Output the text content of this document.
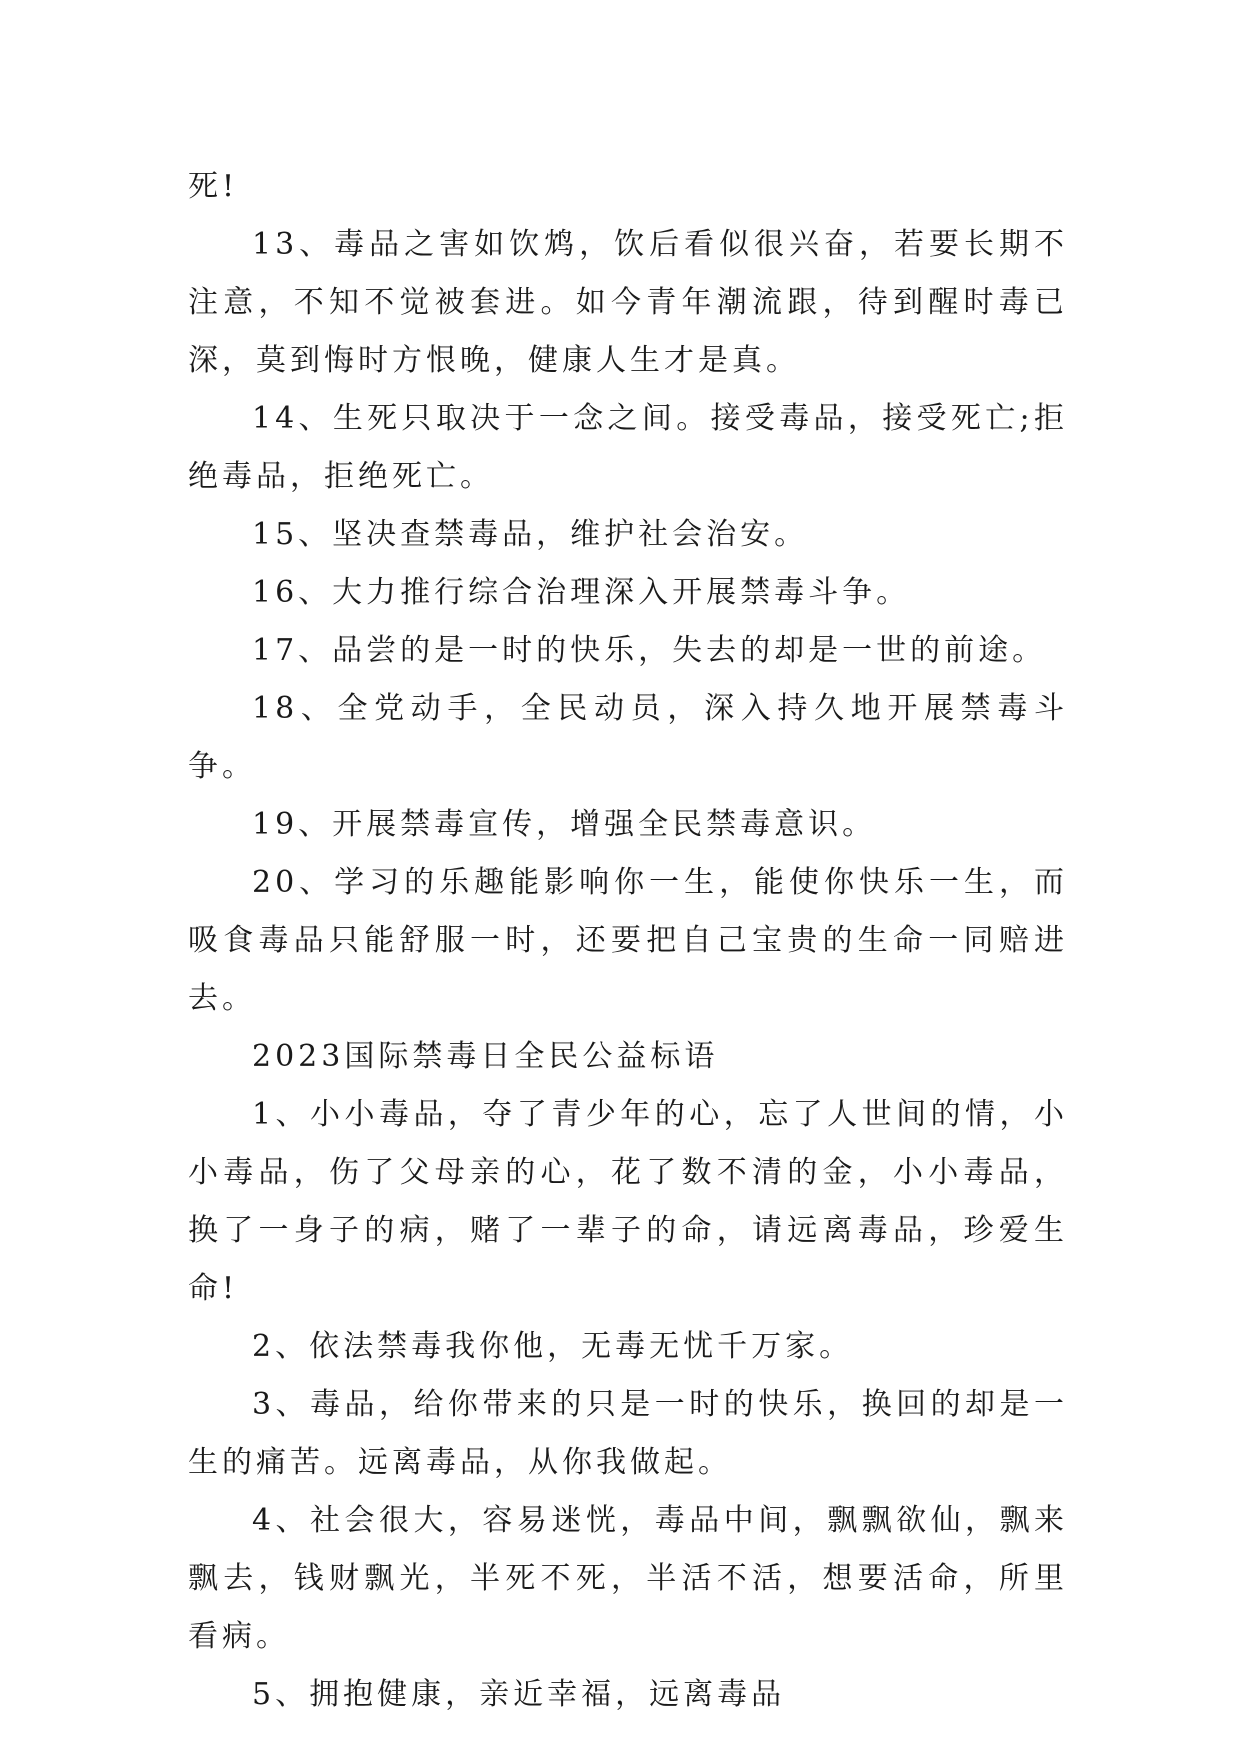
死!

13、毒品之害如饮鸩，饮后看似很兴奋，若要长期不注意，不知不觉被套进。如今青年潮流跟，待到醒时毒已深，莫到悔时方恨晚，健康人生才是真。

14、生死只取决于一念之间。接受毒品，接受死亡;拒绝毒品，拒绝死亡。

15、坚决查禁毒品，维护社会治安。

16、大力推行综合治理深入开展禁毒斗争。

17、品尝的是一时的快乐，失去的却是一世的前途。

18、全党动手，全民动员，深入持久地开展禁毒斗争。

19、开展禁毒宣传，增强全民禁毒意识。

20、学习的乐趣能影响你一生，能使你快乐一生，而吸食毒品只能舒服一时，还要把自己宝贵的生命一同赔进去。

2023国际禁毒日全民公益标语

1、小小毒品，夺了青少年的心，忘了人世间的情，小小毒品，伤了父母亲的心，花了数不清的金，小小毒品，换了一身子的病，赌了一辈子的命，请远离毒品，珍爱生命!

2、依法禁毒我你他，无毒无忧千万家。

3、毒品，给你带来的只是一时的快乐，换回的却是一生的痛苦。远离毒品，从你我做起。

4、社会很大，容易迷恍，毒品中间，飘飘欲仙，飘来飘去，钱财飘光，半死不死，半活不活，想要活命，所里看病。

5、拥抱健康，亲近幸福，远离毒品
